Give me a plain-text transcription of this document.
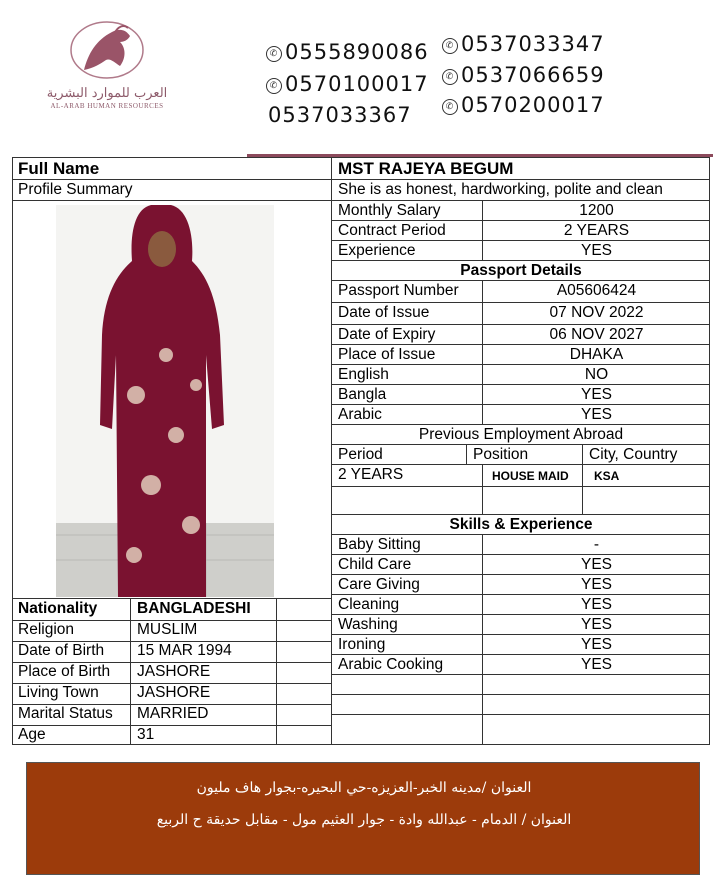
العرب للموارد البشرية
AL-ARAB HUMAN RESOURCES
✆ 0555890086
✆ 0570100017
0537033367
✆ 0537033347
✆ 0537066659
✆ 0570200017
Full Name	MST RAJEYA BEGUM
Profile Summary	She is as honest, hardworking, polite and clean
Nationality	BANGLADESHI
Religion	MUSLIM
Date of Birth	15 MAR 1994
Place of Birth	JASHORE
Living Town	JASHORE
Marital Status	MARRIED
Age	31
Monthly Salary	1200
Contract Period	2 YEARS
Experience	YES
Passport Details
Passport Number	A05606424
Date of Issue	07 NOV 2022
Date of Expiry	06 NOV 2027
Place of Issue	DHAKA
English	NO
Bangla	YES
Arabic	YES
Previous Employment Abroad
Period	Position	City, Country
2 YEARS	HOUSE MAID	KSA
Skills & Experience
Baby Sitting	-
Child Care	YES
Care Giving	YES
Cleaning	YES
Washing	YES
Ironing	YES
Arabic Cooking	YES
العنوان /مدينه الخبر-العزيزه-حي البحيره-بجوار هاف مليون
العنوان / الدمام - عبدالله وادة - جوار العثيم مول - مقابل حديقة ح الربيع
